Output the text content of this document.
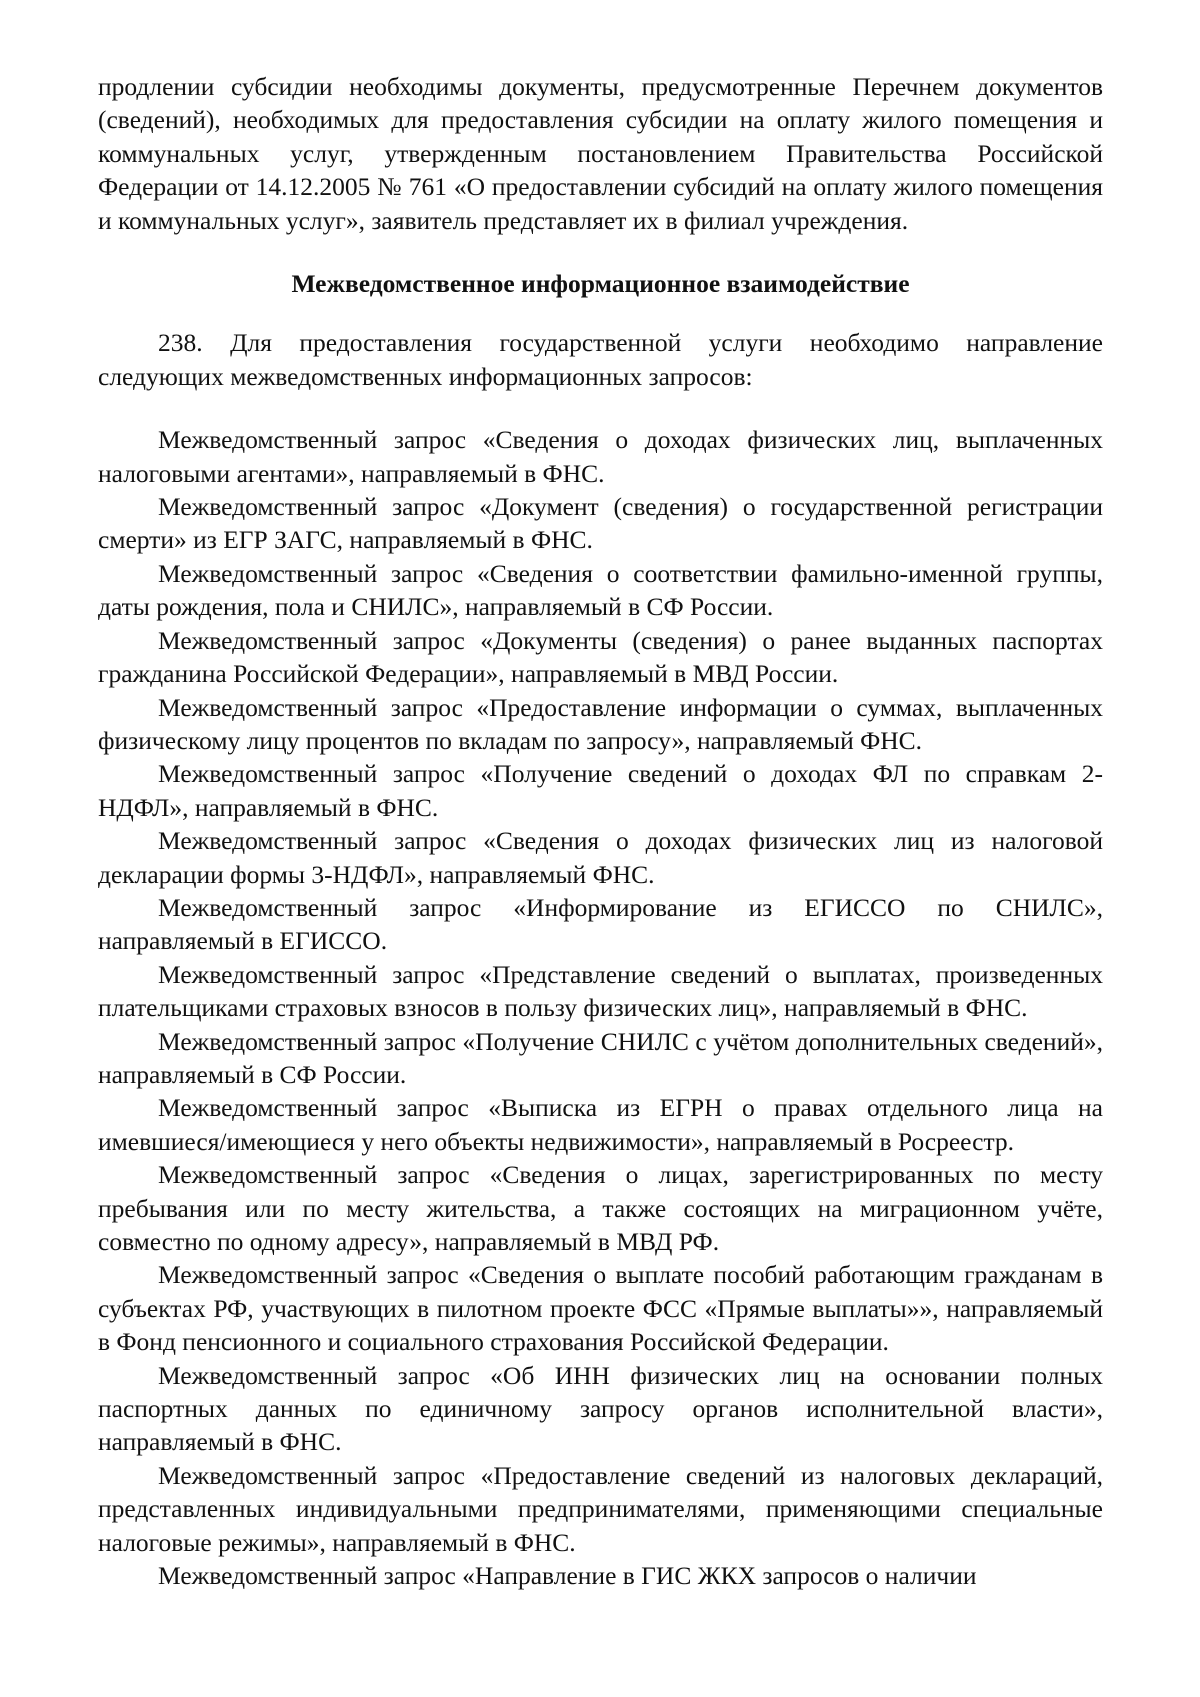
продлении субсидии необходимы документы, предусмотренные Перечнем документов (сведений), необходимых для предоставления субсидии на оплату жилого помещения и коммунальных услуг, утвержденным постановлением Правительства Российской Федерации от 14.12.2005 № 761 «О предоставлении субсидий на оплату жилого помещения и коммунальных услуг», заявитель представляет их в филиал учреждения.

Межведомственное информационное взаимодействие

238. Для предоставления государственной услуги необходимо направление следующих межведомственных информационных запросов:

Межведомственный запрос «Сведения о доходах физических лиц, выплаченных налоговыми агентами», направляемый в ФНС.

Межведомственный запрос «Документ (сведения) о государственной регистрации смерти» из ЕГР ЗАГС, направляемый в ФНС.

Межведомственный запрос «Сведения о соответствии фамильно-именной группы, даты рождения, пола и СНИЛС», направляемый в СФ России.

Межведомственный запрос «Документы (сведения) о ранее выданных паспортах гражданина Российской Федерации», направляемый в МВД России.

Межведомственный запрос «Предоставление информации о суммах, выплаченных физическому лицу процентов по вкладам по запросу», направляемый ФНС.

Межведомственный запрос «Получение сведений о доходах ФЛ по справкам 2-НДФЛ», направляемый в ФНС.

Межведомственный запрос «Сведения о доходах физических лиц из налоговой декларации формы 3-НДФЛ», направляемый ФНС.

Межведомственный запрос «Информирование из ЕГИССО по СНИЛС», направляемый в ЕГИССО.

Межведомственный запрос «Представление сведений о выплатах, произведенных плательщиками страховых взносов в пользу физических лиц», направляемый в ФНС.

Межведомственный запрос «Получение СНИЛС с учётом дополнительных сведений», направляемый в СФ России.

Межведомственный запрос «Выписка из ЕГРН о правах отдельного лица на имевшиеся/имеющиеся у него объекты недвижимости», направляемый в Росреестр.

Межведомственный запрос «Сведения о лицах, зарегистрированных по месту пребывания или по месту жительства, а также состоящих на миграционном учёте, совместно по одному адресу», направляемый в МВД РФ.

Межведомственный запрос «Сведения о выплате пособий работающим гражданам в субъектах РФ, участвующих в пилотном проекте ФСС «Прямые выплаты»», направляемый в Фонд пенсионного и социального страхования Российской Федерации.

Межведомственный запрос «Об ИНН физических лиц на основании полных паспортных данных по единичному запросу органов исполнительной власти», направляемый в ФНС.

Межведомственный запрос «Предоставление сведений из налоговых деклараций, представленных индивидуальными предпринимателями, применяющими специальные налоговые режимы», направляемый в ФНС.

Межведомственный запрос «Направление в ГИС ЖКХ запросов о наличии
